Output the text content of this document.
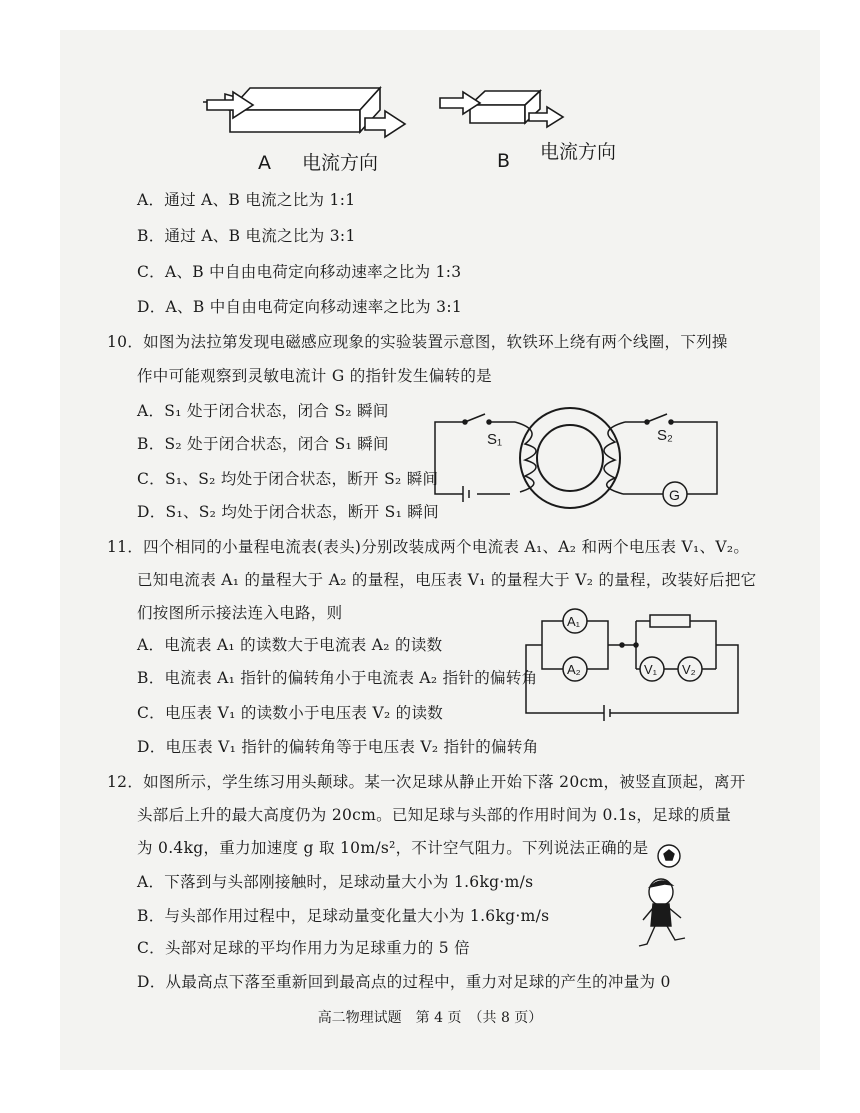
A 电流方向	B 电流方向
A．通过 A、B 电流之比为 1:1
B．通过 A、B 电流之比为 3:1
C．A、B 中自由电荷定向移动速率之比为 1:3
D．A、B 中自由电荷定向移动速率之比为 3:1
10．如图为法拉第发现电磁感应现象的实验装置示意图，软铁环上绕有两个线圈，下列操
作中可能观察到灵敏电流计 G 的指针发生偏转的是
A．S₁ 处于闭合状态，闭合 S₂ 瞬间
B．S₂ 处于闭合状态，闭合 S₁ 瞬间
C．S₁、S₂ 均处于闭合状态，断开 S₂ 瞬间
D．S₁、S₂ 均处于闭合状态，断开 S₁ 瞬间
S₁	S₂
G
11．四个相同的小量程电流表(表头)分别改装成两个电流表 A₁、A₂ 和两个电压表 V₁、V₂。
已知电流表 A₁ 的量程大于 A₂ 的量程，电压表 V₁ 的量程大于 V₂ 的量程，改装好后把它
们按图所示接法连入电路，则
A．电流表 A₁ 的读数大于电流表 A₂ 的读数
B．电流表 A₁ 指针的偏转角小于电流表 A₂ 指针的偏转角
C．电压表 V₁ 的读数小于电压表 V₂ 的读数
D．电压表 V₁ 指针的偏转角等于电压表 V₂ 指针的偏转角
A₁
A₂	V₁ V₂
12．如图所示，学生练习用头颠球。某一次足球从静止开始下落 20cm，被竖直顶起，离开
头部后上升的最大高度仍为 20cm。已知足球与头部的作用时间为 0.1s，足球的质量
为 0.4kg，重力加速度 g 取 10m/s²，不计空气阻力。下列说法正确的是
A．下落到与头部刚接触时，足球动量大小为 1.6kg·m/s
B．与头部作用过程中，足球动量变化量大小为 1.6kg·m/s
C．头部对足球的平均作用力为足球重力的 5 倍
D．从最高点下落至重新回到最高点的过程中，重力对足球的产生的冲量为 0
高二物理试题　第 4 页　（共 8 页）
